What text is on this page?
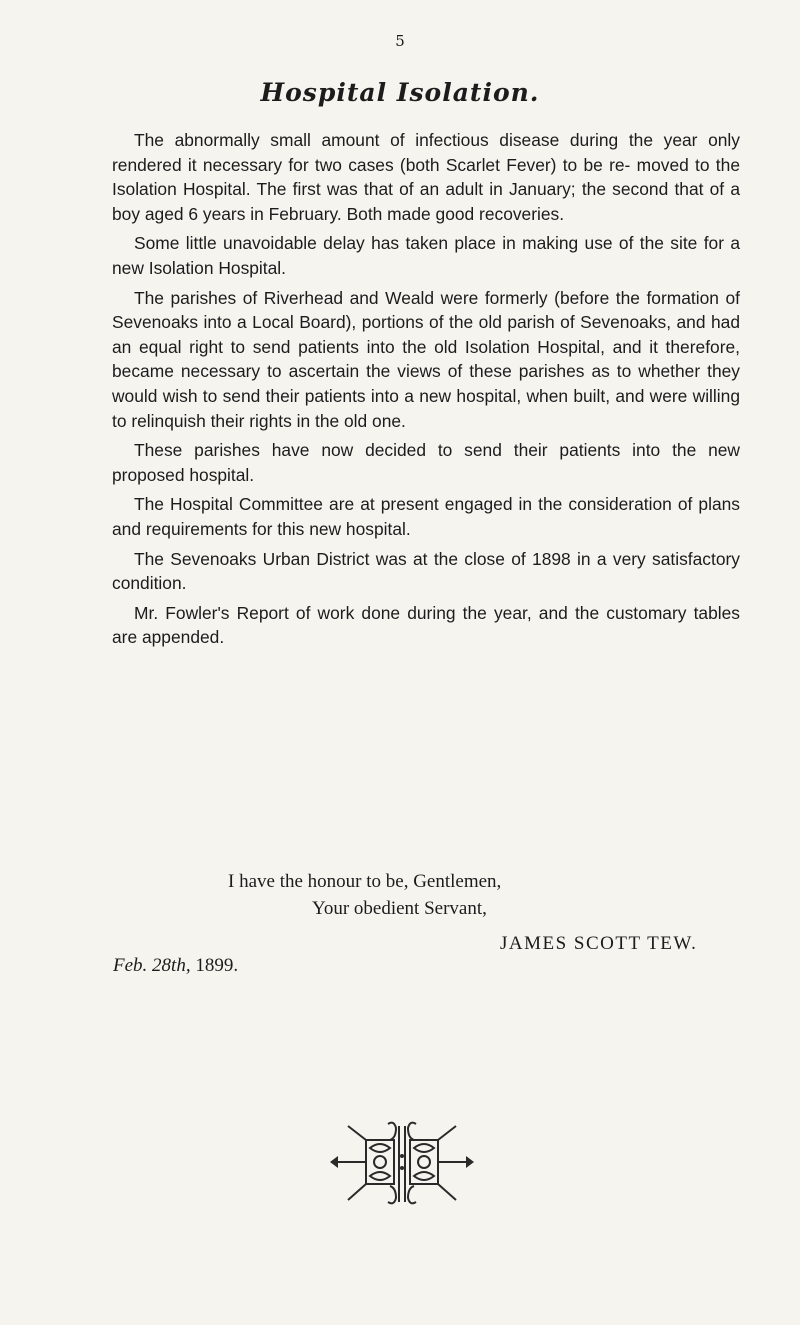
5
Hospital Isolation.

The abnormally small amount of infectious disease during the year only rendered it necessary for two cases (both Scarlet Fever) to be re- moved to the Isolation Hospital. The first was that of an adult in January; the second that of a boy aged 6 years in February. Both made good recoveries.

Some little unavoidable delay has taken place in making use of the site for a new Isolation Hospital.

The parishes of Riverhead and Weald were formerly (before the formation of Sevenoaks into a Local Board), portions of the old parish of Sevenoaks, and had an equal right to send patients into the old Isolation Hospital, and it therefore, became necessary to ascertain the views of these parishes as to whether they would wish to send their patients into a new hospital, when built, and were willing to relinquish their rights in the old one.

These parishes have now decided to send their patients into the new proposed hospital.

The Hospital Committee are at present engaged in the consideration of plans and requirements for this new hospital.

The Sevenoaks Urban District was at the close of 1898 in a very satisfactory condition.

Mr. Fowler's Report of work done during the year, and the customary tables are appended.

I have the honour to be, Gentlemen,
Your obedient Servant,
JAMES SCOTT TEW.
Feb. 28th, 1899.
